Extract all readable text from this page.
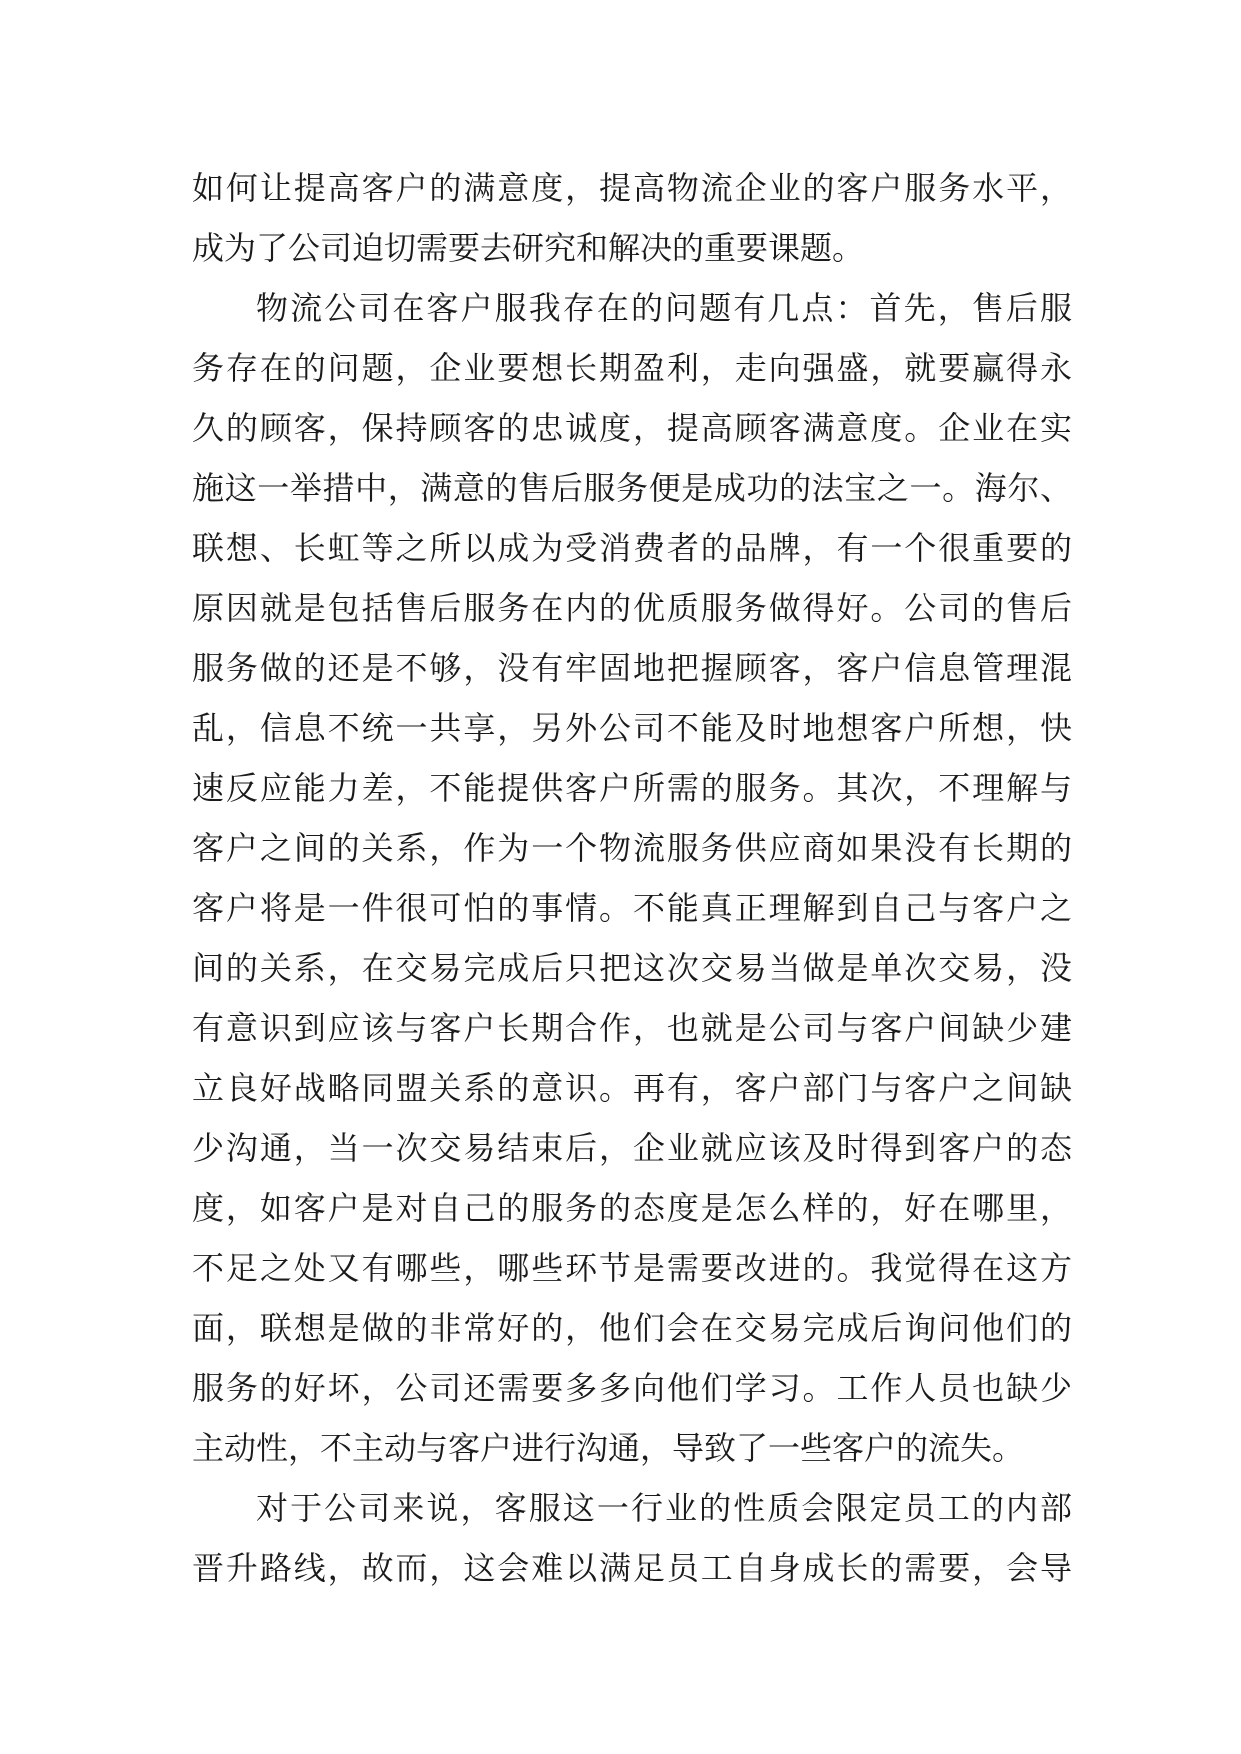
如何让提高客户的满意度，提高物流企业的客户服务水平，
成为了公司迫切需要去研究和解决的重要课题。
物流公司在客户服我存在的问题有几点：首先，售后服
务存在的问题，企业要想长期盈利，走向强盛，就要赢得永
久的顾客，保持顾客的忠诚度，提高顾客满意度。企业在实
施这一举措中，满意的售后服务便是成功的法宝之一。海尔、
联想、长虹等之所以成为受消费者的品牌，有一个很重要的
原因就是包括售后服务在内的优质服务做得好。公司的售后
服务做的还是不够，没有牢固地把握顾客，客户信息管理混
乱，信息不统一共享，另外公司不能及时地想客户所想，快
速反应能力差，不能提供客户所需的服务。其次，不理解与
客户之间的关系，作为一个物流服务供应商如果没有长期的
客户将是一件很可怕的事情。不能真正理解到自己与客户之
间的关系，在交易完成后只把这次交易当做是单次交易，没
有意识到应该与客户长期合作，也就是公司与客户间缺少建
立良好战略同盟关系的意识。再有，客户部门与客户之间缺
少沟通，当一次交易结束后，企业就应该及时得到客户的态
度，如客户是对自己的服务的态度是怎么样的，好在哪里，
不足之处又有哪些，哪些环节是需要改进的。我觉得在这方
面，联想是做的非常好的，他们会在交易完成后询问他们的
服务的好坏，公司还需要多多向他们学习。工作人员也缺少
主动性，不主动与客户进行沟通，导致了一些客户的流失。
对于公司来说，客服这一行业的性质会限定员工的内部
晋升路线，故而，这会难以满足员工自身成长的需要，会导
